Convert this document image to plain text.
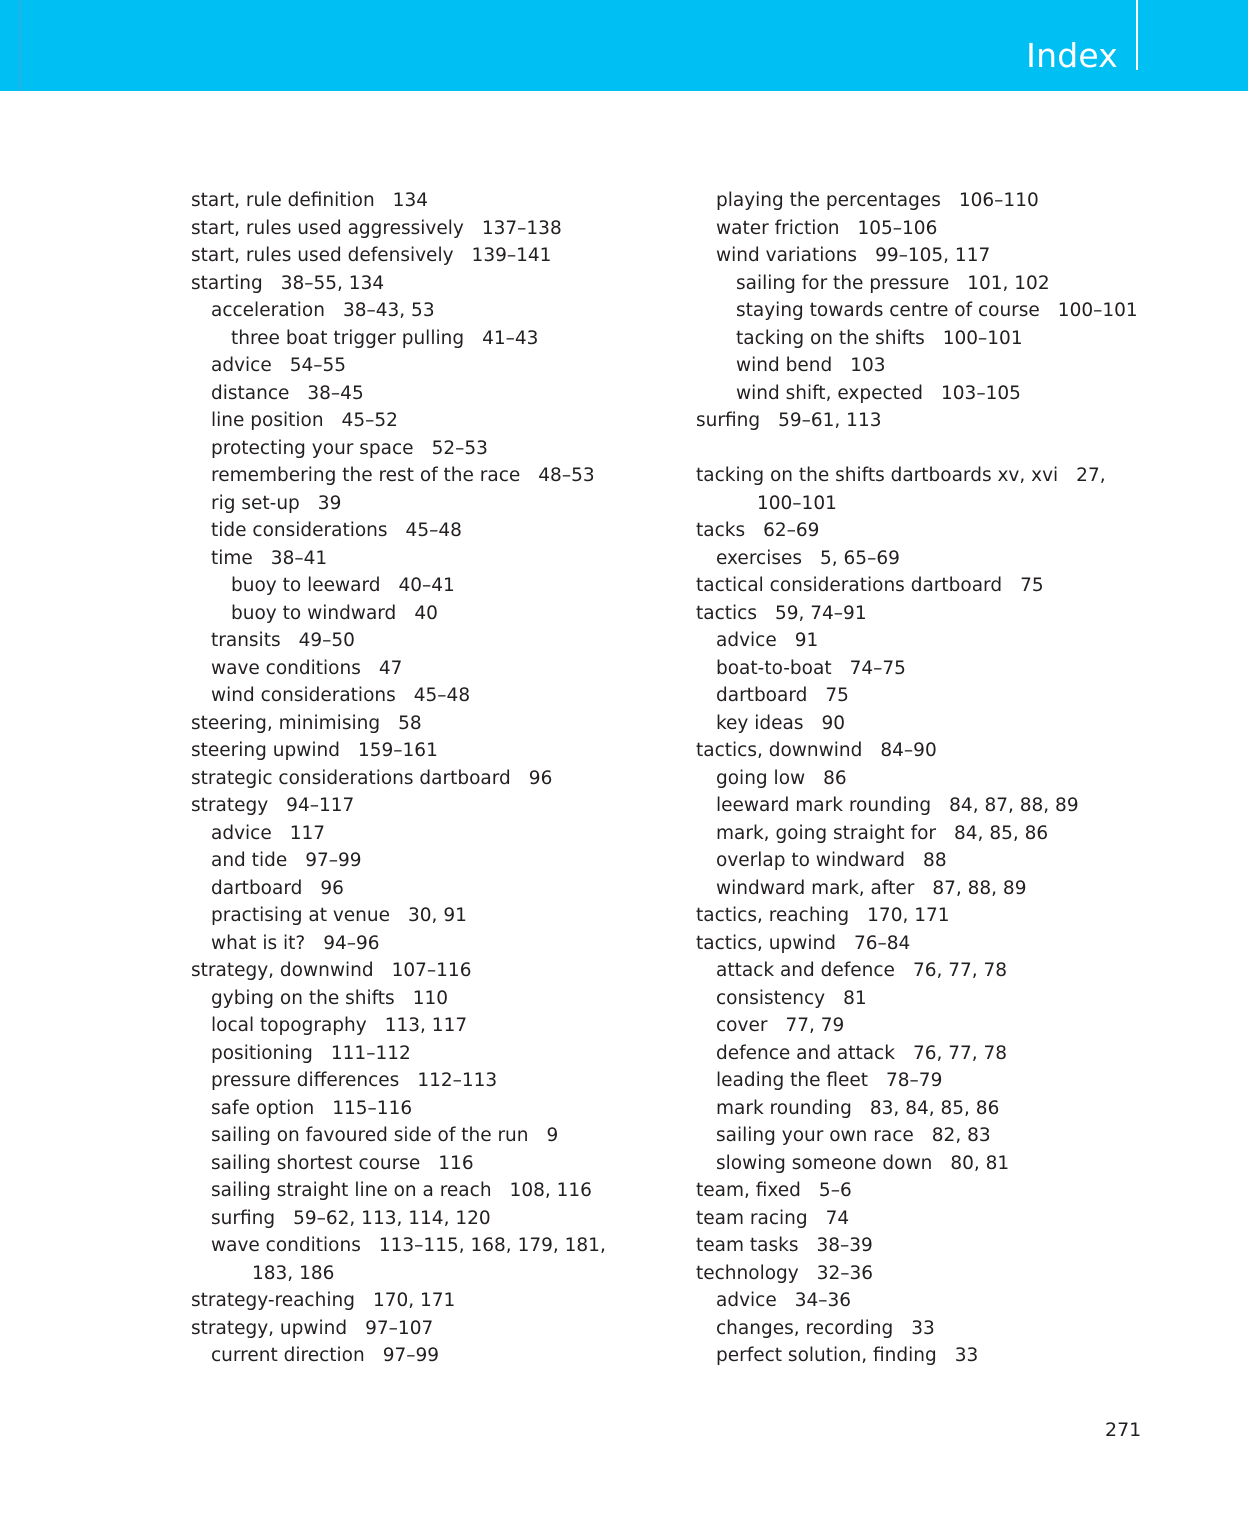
Index
start, rule definition 134
start, rules used aggressively 137–138
start, rules used defensively 139–141
starting 38–55, 134
acceleration 38–43, 53
three boat trigger pulling 41–43
advice 54–55
distance 38–45
line position 45–52
protecting your space 52–53
remembering the rest of the race 48–53
rig set-up 39
tide considerations 45–48
time 38–41
buoy to leeward 40–41
buoy to windward 40
transits 49–50
wave conditions 47
wind considerations 45–48
steering, minimising 58
steering upwind 159–161
strategic considerations dartboard 96
strategy 94–117
advice 117
and tide 97–99
dartboard 96
practising at venue 30, 91
what is it? 94–96
strategy, downwind 107–116
gybing on the shifts 110
local topography 113, 117
positioning 111–112
pressure differences 112–113
safe option 115–116
sailing on favoured side of the run 9
sailing shortest course 116
sailing straight line on a reach 108, 116
surfing 59–62, 113, 114, 120
wave conditions 113–115, 168, 179, 181,
183, 186
strategy-reaching 170, 171
strategy, upwind 97–107
current direction 97–99
playing the percentages 106–110
water friction 105–106
wind variations 99–105, 117
sailing for the pressure 101, 102
staying towards centre of course 100–101
tacking on the shifts 100–101
wind bend 103
wind shift, expected 103–105
surfing 59–61, 113
tacking on the shifts dartboards xv, xvi 27,
100–101
tacks 62–69
exercises 5, 65–69
tactical considerations dartboard 75
tactics 59, 74–91
advice 91
boat-to-boat 74–75
dartboard 75
key ideas 90
tactics, downwind 84–90
going low 86
leeward mark rounding 84, 87, 88, 89
mark, going straight for 84, 85, 86
overlap to windward 88
windward mark, after 87, 88, 89
tactics, reaching 170, 171
tactics, upwind 76–84
attack and defence 76, 77, 78
consistency 81
cover 77, 79
defence and attack 76, 77, 78
leading the fleet 78–79
mark rounding 83, 84, 85, 86
sailing your own race 82, 83
slowing someone down 80, 81
team, fixed 5–6
team racing 74
team tasks 38–39
technology 32–36
advice 34–36
changes, recording 33
perfect solution, finding 33
271
